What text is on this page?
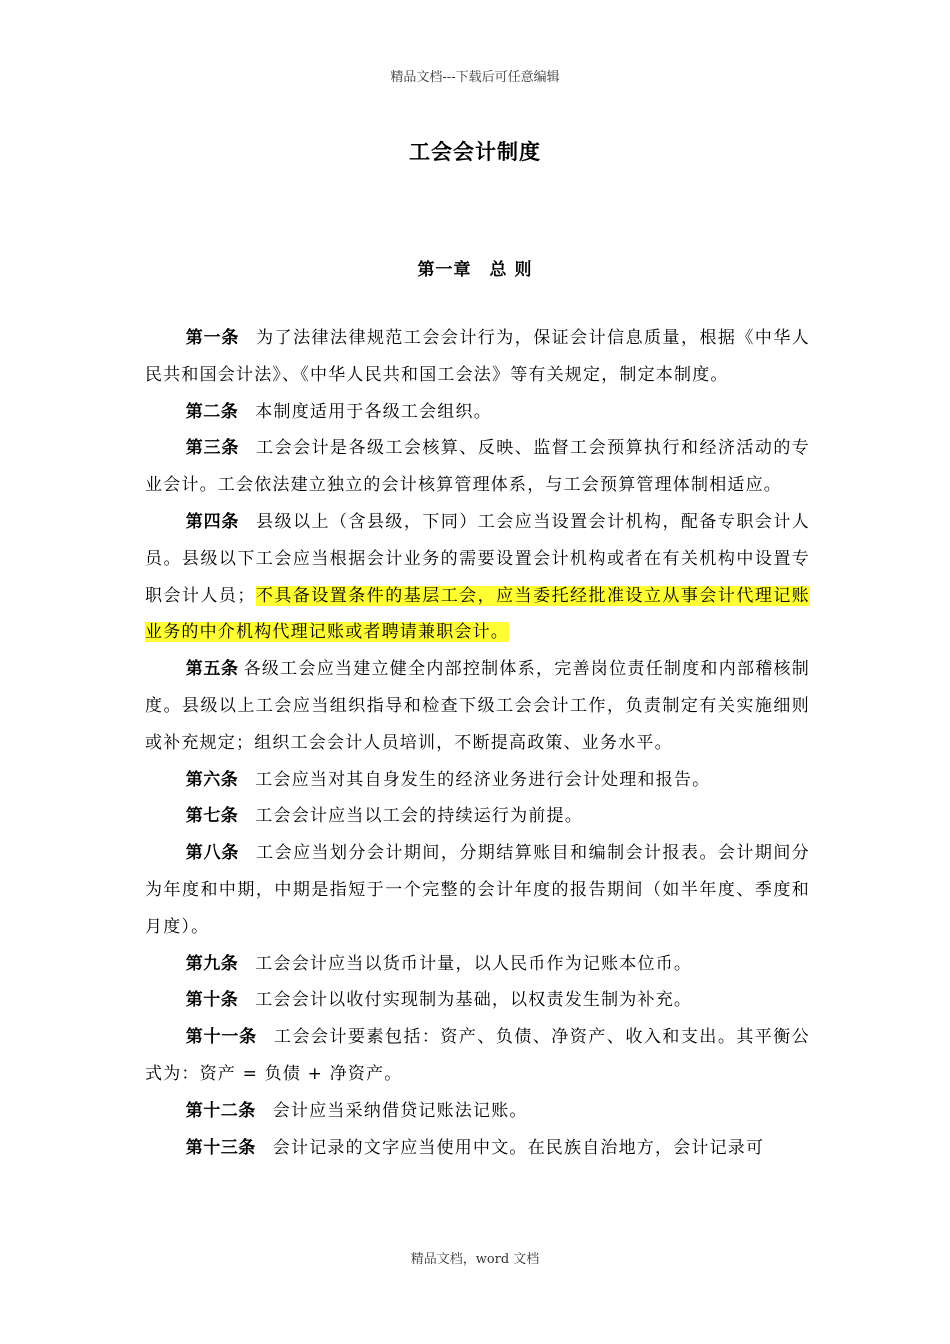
精品文档---下载后可任意编辑
工会会计制度
第一章　总 则

第一条 为了法律法律规范工会会计行为，保证会计信息质量，根据《中华人民共和国会计法》、《中华人民共和国工会法》等有关规定，制定本制度。

第二条 本制度适用于各级工会组织。

第三条 工会会计是各级工会核算、反映、监督工会预算执行和经济活动的专业会计。工会依法建立独立的会计核算管理体系，与工会预算管理体制相适应。

第四条 县级以上（含县级，下同）工会应当设置会计机构，配备专职会计人员。县级以下工会应当根据会计业务的需要设置会计机构或者在有关机构中设置专职会计人员；不具备设置条件的基层工会，应当委托经批准设立从事会计代理记账业务的中介机构代理记账或者聘请兼职会计。

第五条 各级工会应当建立健全内部控制体系，完善岗位责任制度和内部稽核制度。县级以上工会应当组织指导和检查下级工会会计工作，负责制定有关实施细则或补充规定；组织工会会计人员培训，不断提高政策、业务水平。

第六条 工会应当对其自身发生的经济业务进行会计处理和报告。

第七条 工会会计应当以工会的持续运行为前提。

第八条 工会应当划分会计期间，分期结算账目和编制会计报表。会计期间分为年度和中期，中期是指短于一个完整的会计年度的报告期间（如半年度、季度和月度）。

第九条 工会会计应当以货币计量，以人民币作为记账本位币。

第十条 工会会计以收付实现制为基础，以权责发生制为补充。

第十一条 工会会计要素包括：资产、负债、净资产、收入和支出。其平衡公式为：资产 = 负债 + 净资产。

第十二条 会计应当采纳借贷记账法记账。

第十三条 会计记录的文字应当使用中文。在民族自治地方，会计记录可

精品文档，word 文档
